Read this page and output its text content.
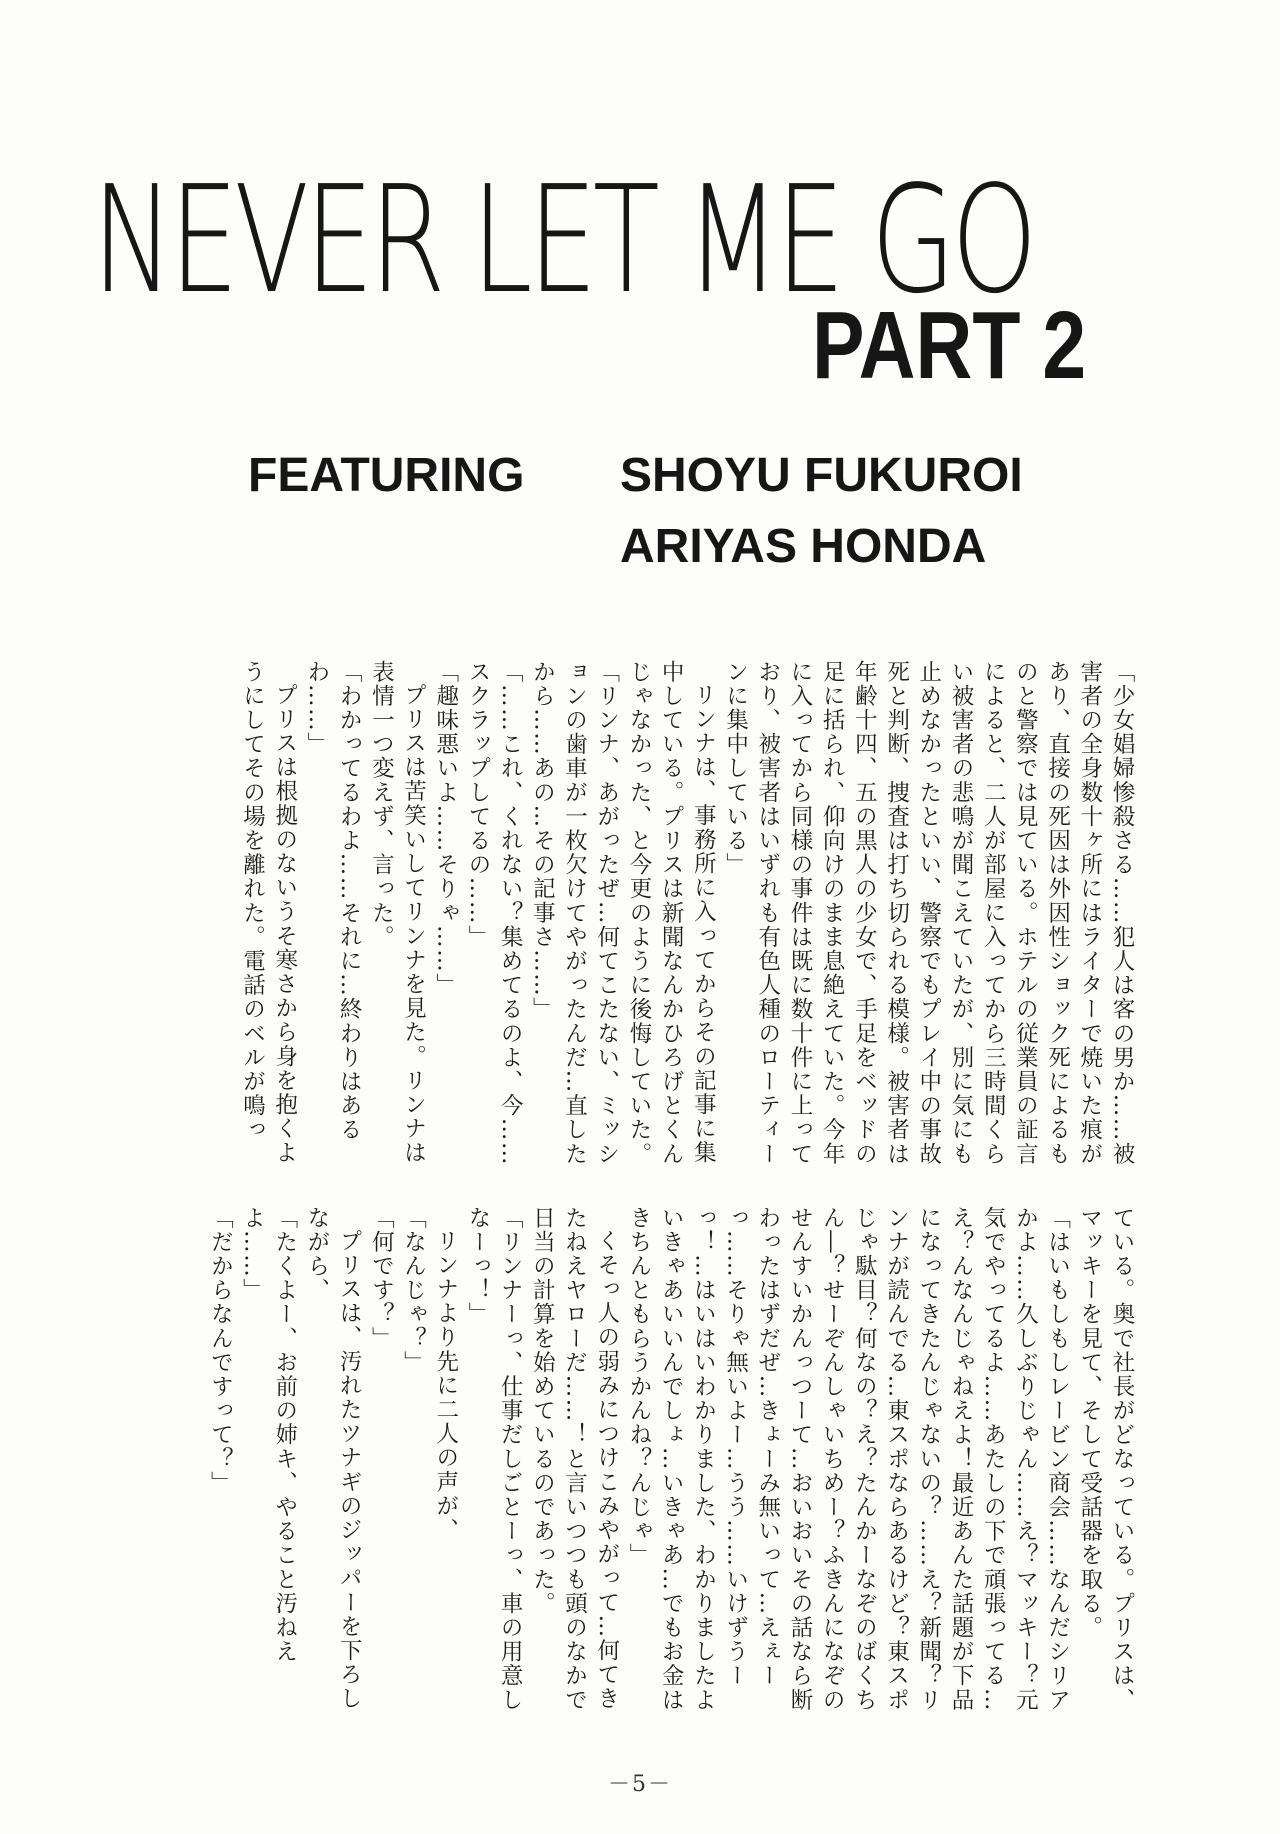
NEVER LET ME GO
PART 2
FEATURING SHOYU FUKUROI
ARIYAS HONDA

「少女娼婦惨殺さる……犯人は客の男か……被害者の全身数十ヶ所にはライターで焼いた痕があり、直接の死因は外因性ショック死によるものと警察では見ている。ホテルの従業員の証言によると、二人が部屋に入ってから三時間くらい被害者の悲鳴が聞こえていたが、別に気にも止めなかったといい、警察でもプレイ中の事故死と判断、捜査は打ち切られる模様。被害者は年齢十四、五の黒人の少女で、手足をベッドの足に括られ、仰向けのまま息絶えていた。今年に入ってから同様の事件は既に数十件に上っており、被害者はいずれも有色人種のローティーンに集中している」

リンナは、事務所に入ってからその記事に集中している。プリスは新聞なんかひろげとくんじゃなかった、と今更のように後悔していた。

「リンナ、あがったぜ…何てこたない、ミッションの歯車が一枚欠けてやがったんだ…直したから……あの…その記事さ……」

「……これ、くれない？集めてるのよ、今……スクラップしてるの……」

「趣味悪いよ……そりゃ……」

プリスは苦笑いしてリンナを見た。リンナは表情一つ変えず、言った。

「わかってるわよ……それに…終わりはあるわ……」

プリスは根拠のないうそ寒さから身を抱くようにしてその場を離れた。電話のベルが鳴っ

ている。奥で社長がどなっている。プリスは、マッキーを見て、そして受話器を取る。

「はいもしもしレービン商会……なんだシリアかよ……久しぶりじゃん……え？マッキー？元気でやってるよ……あたしの下で頑張ってる…え？んなんじゃねえよ！最近あんた話題が下品になってきたんじゃないの？……え？新聞？リンナが読んでる…東スポならあるけど？東スポじゃ駄目？何なの？え？たんかーなぞのばくちん―？せーぞんしゃいちめー？ふきんになぞのせんすいかんっつーて…おいおいその話なら断わったはずだぜ…きょーみ無いって…えぇーっ……そりゃ無いよー…うう……いけずうーっ！…はいはいわかりました、わかりましたよいきゃあいいんでしょ…いきゃあ…でもお金はきちんともらうかんね？んじゃ」

くそっ人の弱みにつけこみやがって…何てきたねえヤローだ……！と言いつつも頭のなかで日当の計算を始めているのであった。

「リンナーっ、仕事だしごとーっ、車の用意しなーっ！」

リンナより先に二人の声が、

「なんじゃ？」

「何です？」

プリスは、汚れたツナギのジッパーを下ろしながら、

「たくよー、お前の姉キ、やること汚ねえよ……」

「だからなんですって？」

－5－
